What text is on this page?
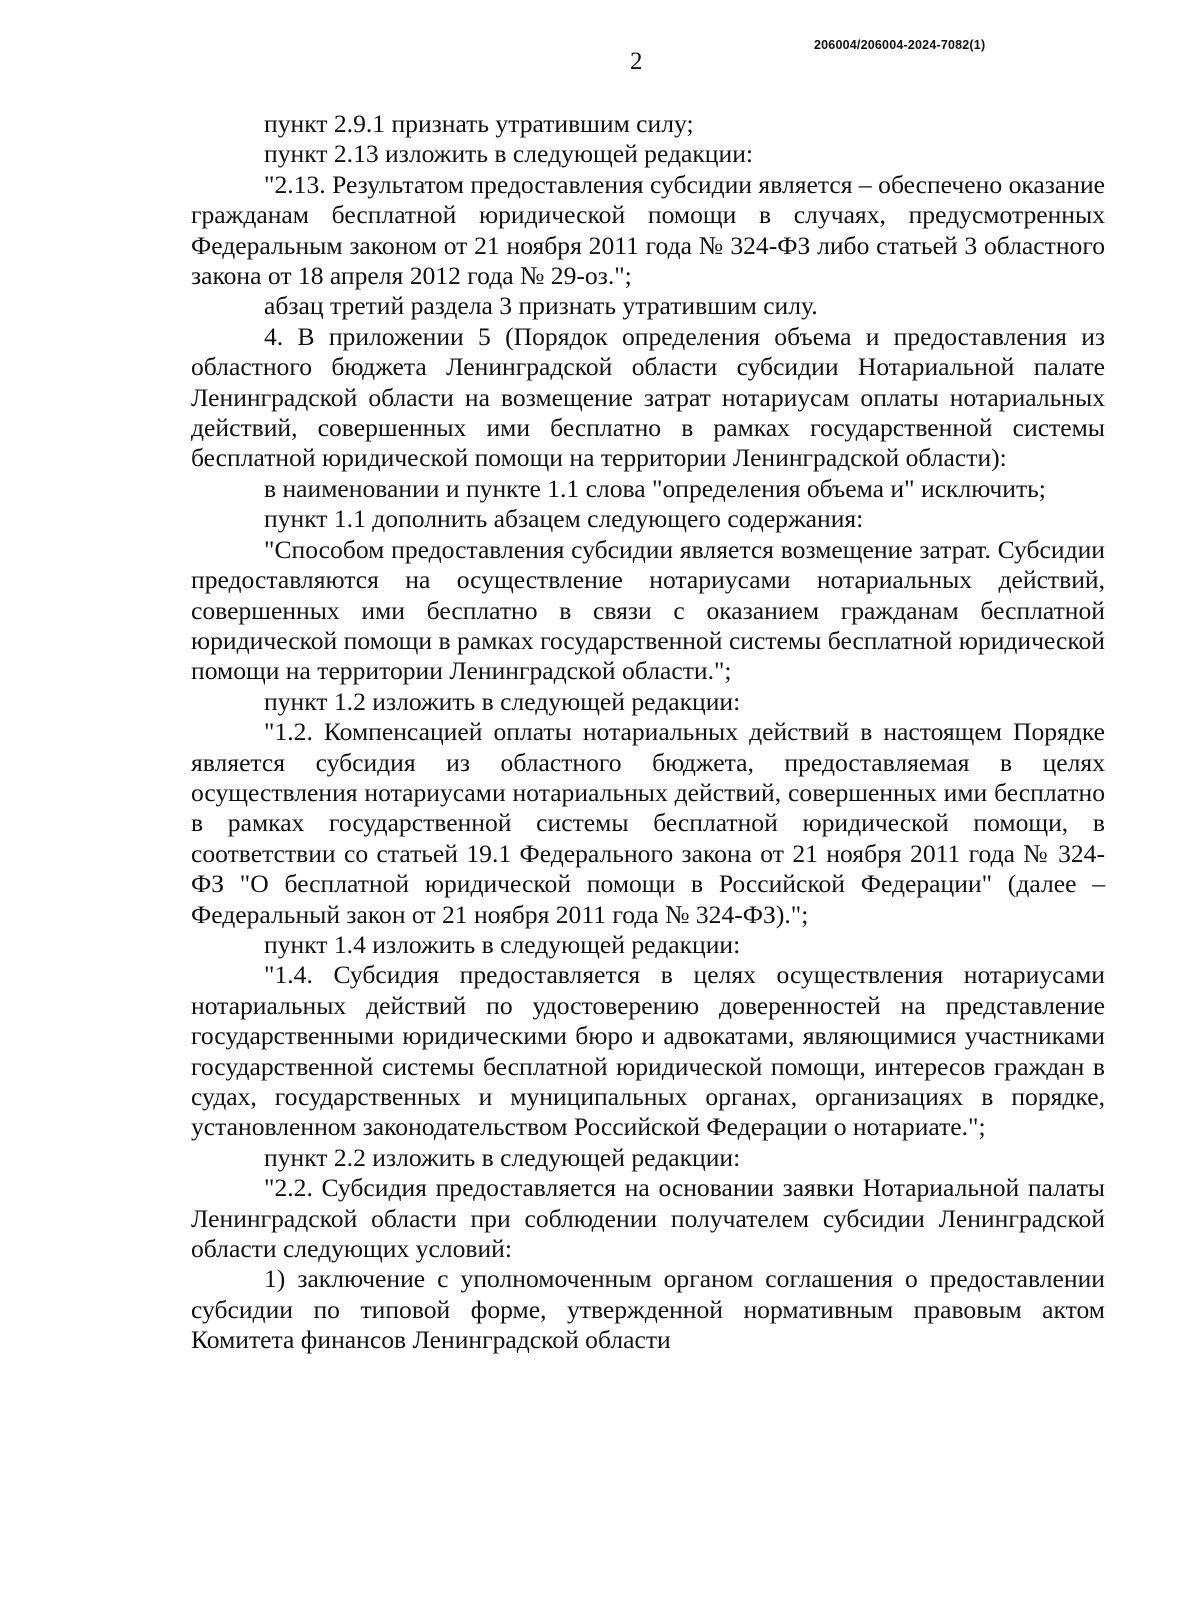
206004/206004-2024-7082(1)
2

пункт 2.9.1 признать утратившим силу;

пункт 2.13 изложить в следующей редакции:

"2.13. Результатом предоставления субсидии является – обеспечено оказание гражданам бесплатной юридической помощи в случаях, предусмотренных Федеральным законом от 21 ноября 2011 года № 324-ФЗ либо статьей 3 областного закона от 18 апреля 2012 года № 29-оз.";

абзац третий раздела 3 признать утратившим силу.

4. В приложении 5 (Порядок определения объема и предоставления из областного бюджета Ленинградской области субсидии Нотариальной палате Ленинградской области на возмещение затрат нотариусам оплаты нотариальных действий, совершенных ими бесплатно в рамках государственной системы бесплатной юридической помощи на территории Ленинградской области):

в наименовании и пункте 1.1 слова "определения объема и" исключить;

пункт 1.1 дополнить абзацем следующего содержания:

"Способом предоставления субсидии является возмещение затрат. Субсидии предоставляются на осуществление нотариусами нотариальных действий, совершенных ими бесплатно в связи с оказанием гражданам бесплатной юридической помощи в рамках государственной системы бесплатной юридической помощи на территории Ленинградской области.";

пункт 1.2 изложить в следующей редакции:

"1.2. Компенсацией оплаты нотариальных действий в настоящем Порядке является субсидия из областного бюджета, предоставляемая в целях осуществления нотариусами нотариальных действий, совершенных ими бесплатно в рамках государственной системы бесплатной юридической помощи, в соответствии со статьей 19.1 Федерального закона от 21 ноября 2011 года № 324-ФЗ "О бесплатной юридической помощи в Российской Федерации" (далее – Федеральный закон от 21 ноября 2011 года № 324-ФЗ).";

пункт 1.4 изложить в следующей редакции:

"1.4. Субсидия предоставляется в целях осуществления нотариусами нотариальных действий по удостоверению доверенностей на представление государственными юридическими бюро и адвокатами, являющимися участниками государственной системы бесплатной юридической помощи, интересов граждан в судах, государственных и муниципальных органах, организациях в порядке, установленном законодательством Российской Федерации о нотариате.";

пункт 2.2 изложить в следующей редакции:

"2.2. Субсидия предоставляется на основании заявки Нотариальной палаты Ленинградской области при соблюдении получателем субсидии Ленинградской области следующих условий:

1) заключение с уполномоченным органом соглашения о предоставлении субсидии по типовой форме, утвержденной нормативным правовым актом Комитета финансов Ленинградской области
